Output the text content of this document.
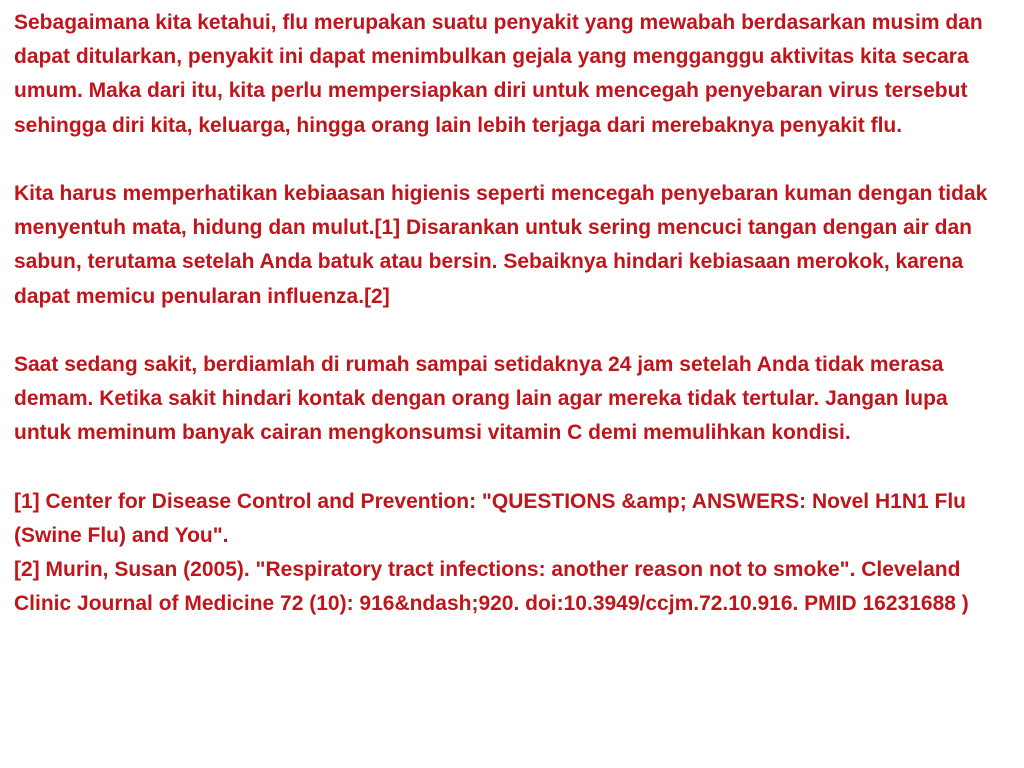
Sebagaimana kita ketahui, flu merupakan suatu penyakit yang mewabah berdasarkan musim dan dapat ditularkan, penyakit ini dapat menimbulkan gejala yang mengganggu aktivitas kita secara umum. Maka dari itu, kita perlu mempersiapkan diri untuk mencegah penyebaran virus tersebut sehingga diri kita, keluarga, hingga orang lain lebih terjaga dari merebaknya penyakit flu.

Kita harus memperhatikan kebiaasan higienis seperti mencegah penyebaran kuman dengan tidak menyentuh mata, hidung dan mulut.[1] Disarankan untuk sering mencuci tangan dengan air dan sabun, terutama setelah Anda batuk atau bersin. Sebaiknya hindari kebiasaan merokok, karena dapat memicu penularan influenza.[2]

Saat sedang sakit, berdiamlah di rumah sampai setidaknya 24 jam setelah Anda tidak merasa demam. Ketika sakit hindari kontak dengan orang lain agar mereka tidak tertular. Jangan lupa untuk meminum banyak cairan mengkonsumsi vitamin C demi memulihkan kondisi.

[1] Center for Disease Control and Prevention: "QUESTIONS &amp; ANSWERS: Novel H1N1 Flu (Swine Flu) and You".

[2] Murin, Susan (2005). "Respiratory tract infections: another reason not to smoke". Cleveland Clinic Journal of Medicine 72 (10): 916&ndash;920. doi:10.3949/ccjm.72.10.916. PMID 16231688 )
